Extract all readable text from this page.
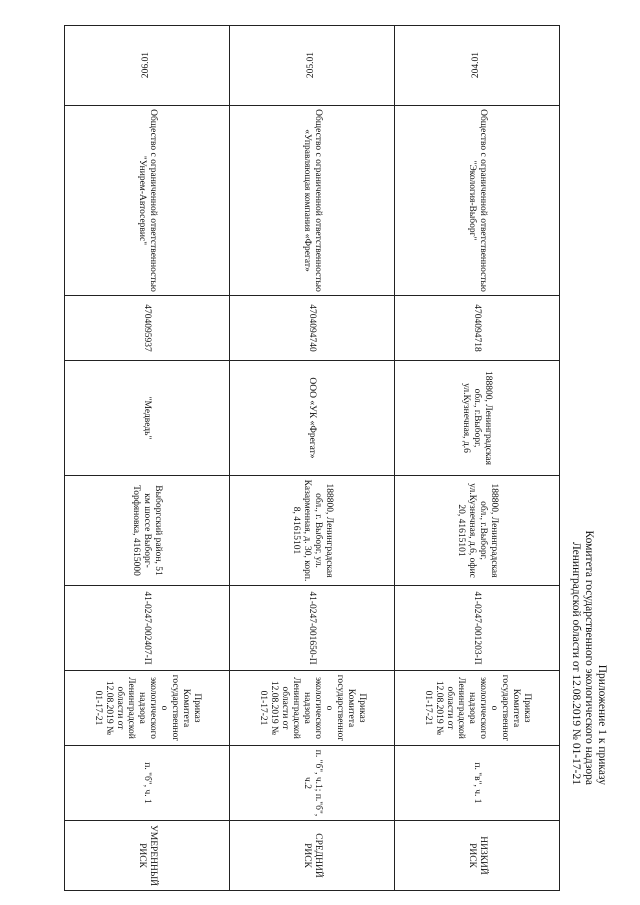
Приложение 1 к приказу
Комитета государственного экологического надзора
Ленинградской области от 12.08.2019 № 01-17-21
204.01	Общество с ограниченной ответственностью "Экология-Выборг"	4704094718	188800, Ленинградская обл., г.Выборг, ул.Кузнечная, д.6	188800, Ленинградская обл., г.Выборг, ул.Кузнечная, д.6, офис 20, 41615101	41-0247-001203-П	Приказ Комитета государственного экологического надзора Ленинградской области от 12.08.2019 № 01-17-21	п. "в", ч. 1	НИЗКИЙ РИСК
205.01	Общество с ограниченной ответственностью «Управляющая компания «Фрегат»	4704094740	ООО «УК «Фрегат»	188800, Ленинградская обл., г. Выборг, ул. Казарменная, д. 30, корп. 8, 41615101	41-0247-001650-П	Приказ Комитета государственного экологического надзора Ленинградской области от 12.08.2019 № 01-17-21	п. "б", ч.1; п."б", ч.2	СРЕДНИЙ РИСК
206.01	Общество с ограниченной ответственностью "Унирем-Автосервис"	4704095937	"Медведь"	Выборгский район, 51 км шоссе Выборг-Торфяновка, 41615000	41-0247-002407-П	Приказ Комитета государственного экологического надзора Ленинградской области от 12.08.2019 № 01-17-21	п. "б", ч. 1	УМЕРЕННЫЙ РИСК
